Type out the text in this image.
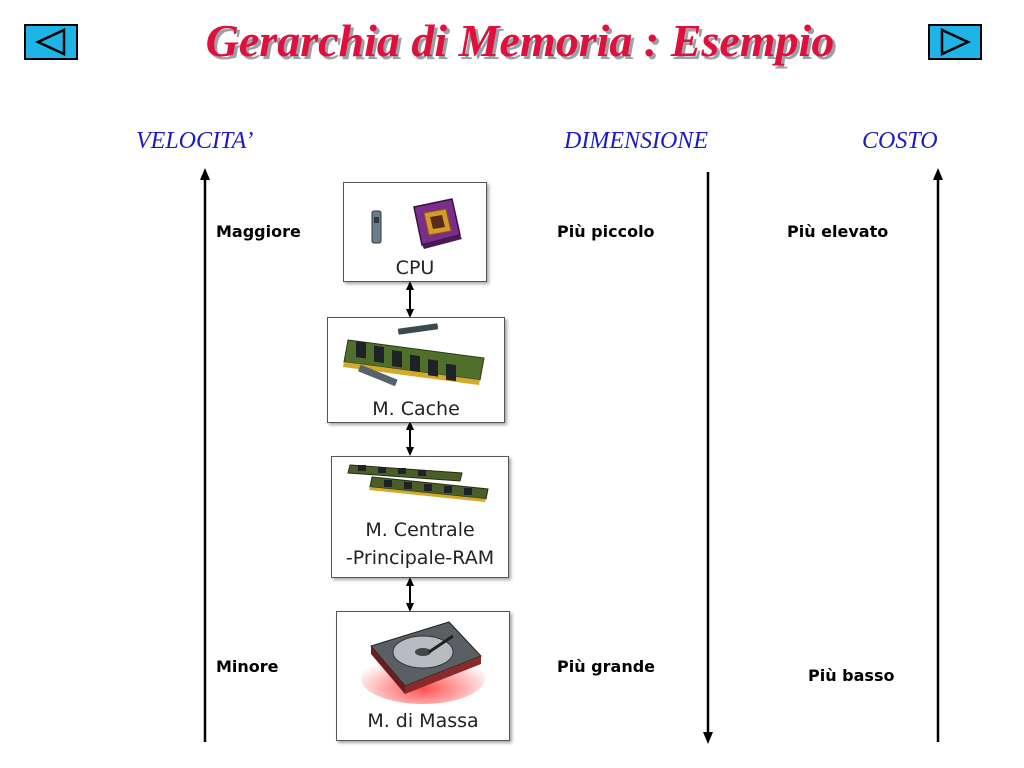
Gerarchia di Memoria : Esempio
VELOCITA’	DIMENSIONE	COSTO
Maggiore
Minore
Più piccolo
Più grande
Più elevato
Più basso
CPU
M. Cache
M. Centrale
-Principale-RAM
M. di Massa
